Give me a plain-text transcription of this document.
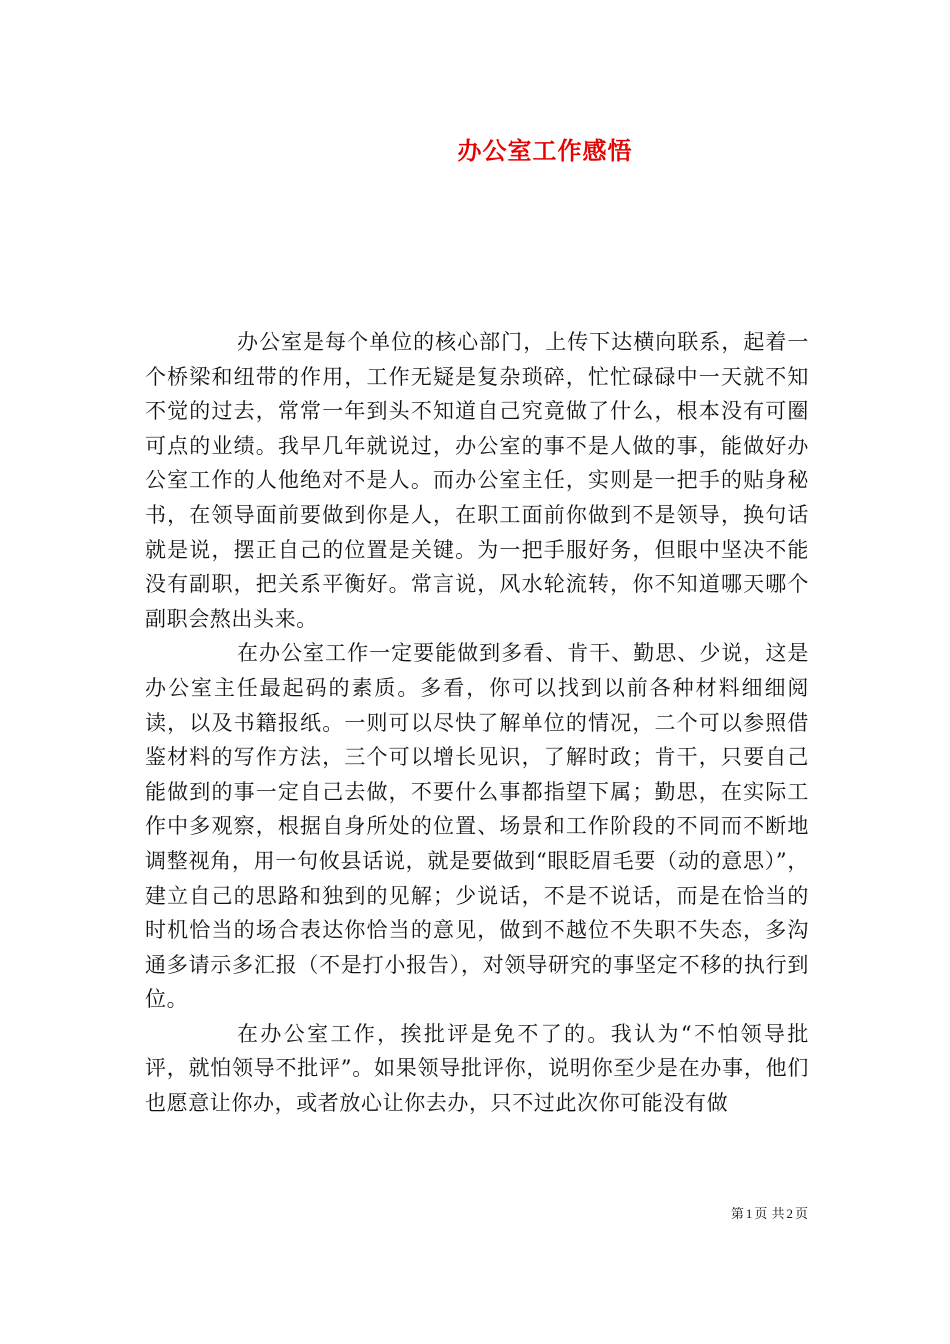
办公室工作感悟

办公室是每个单位的核心部门，上传下达横向联系，起着一个桥梁和纽带的作用，工作无疑是复杂琐碎，忙忙碌碌中一天就不知不觉的过去，常常一年到头不知道自己究竟做了什么，根本没有可圈可点的业绩。我早几年就说过，办公室的事不是人做的事，能做好办公室工作的人他绝对不是人。而办公室主任，实则是一把手的贴身秘书，在领导面前要做到你是人，在职工面前你做到不是领导，换句话就是说，摆正自己的位置是关键。为一把手服好务，但眼中坚决不能没有副职，把关系平衡好。常言说，风水轮流转，你不知道哪天哪个副职会熬出头来。

在办公室工作一定要能做到多看、肯干、勤思、少说，这是办公室主任最起码的素质。多看，你可以找到以前各种材料细细阅读，以及书籍报纸。一则可以尽快了解单位的情况，二个可以参照借鉴材料的写作方法，三个可以增长见识，了解时政；肯干，只要自己能做到的事一定自己去做，不要什么事都指望下属；勤思，在实际工作中多观察，根据自身所处的位置、场景和工作阶段的不同而不断地调整视角，用一句攸县话说，就是要做到“眼眨眉毛要（动的意思）”，建立自己的思路和独到的见解；少说话，不是不说话，而是在恰当的时机恰当的场合表达你恰当的意见，做到不越位不失职不失态，多沟通多请示多汇报（不是打小报告），对领导研究的事坚定不移的执行到位。

在办公室工作，挨批评是免不了的。我认为“不怕领导批评，就怕领导不批评”。如果领导批评你，说明你至少是在办事，他们也愿意让你办，或者放心让你去办，只不过此次你可能没有做

第 1 页 共 2 页
